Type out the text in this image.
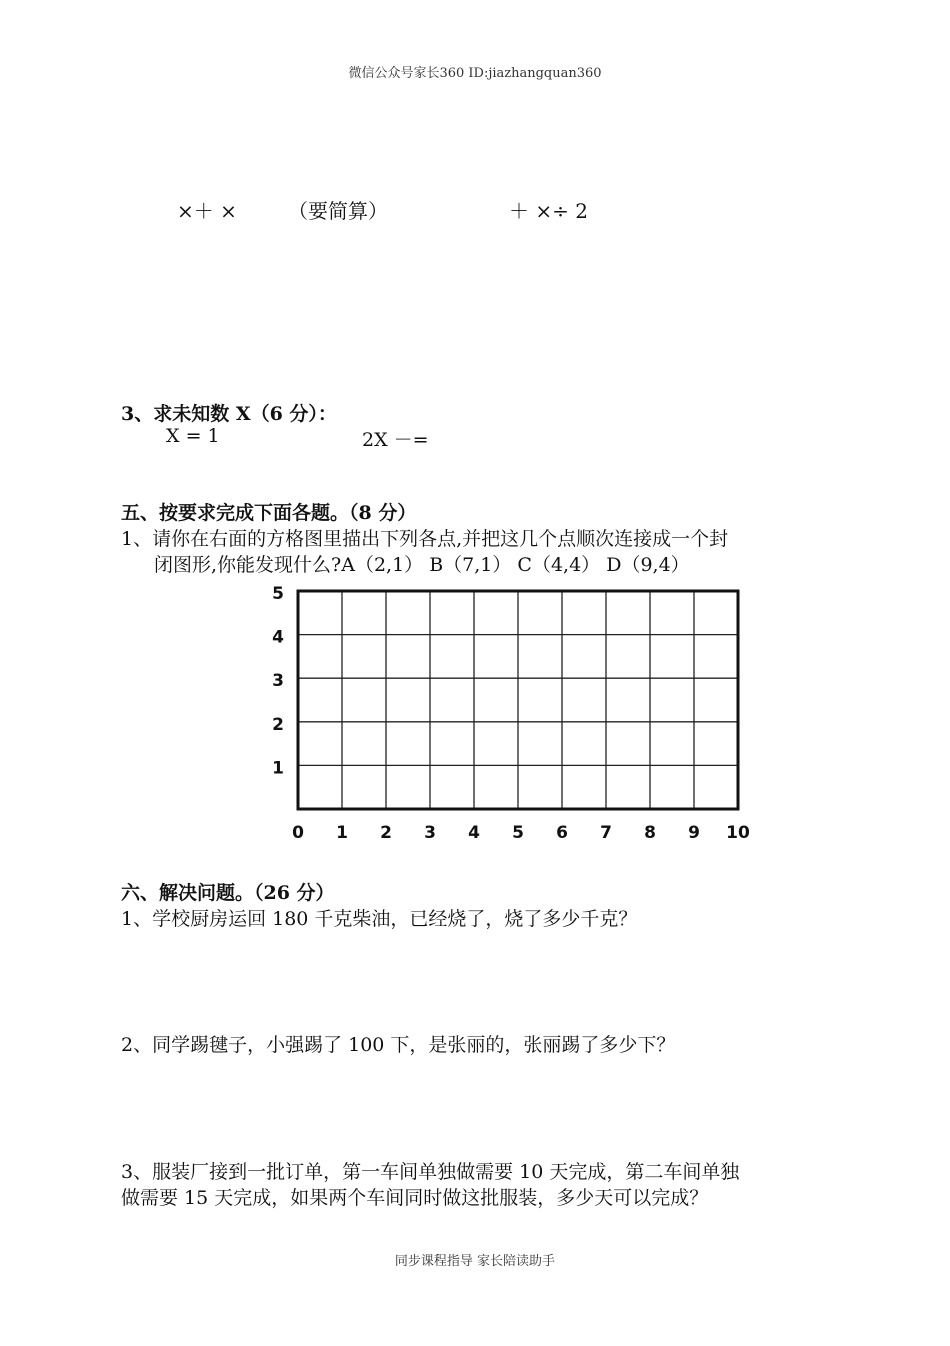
微信公众号家长360 ID:jiazhangquan360
×＋ ×	（要简算）	＋ ×÷ 2
3、求未知数 X（6 分）：
X = 1	2X －=
五、按要求完成下面各题。（8 分）
1、请你在右面的方格图里描出下列各点,并把这几个点顺次连接成一个封
闭图形,你能发现什么?A（2,1） B（7,1） C（4,4） D（9,4）
0 1 2 3 4 5 6 7 8 9 10
1
2
3
4
5
六、解决问题。（26 分）
1、学校厨房运回 180 千克柴油，已经烧了，烧了多少千克？
2、同学踢毽子，小强踢了 100 下，是张丽的，张丽踢了多少下？
3、服装厂接到一批订单，第一车间单独做需要 10 天完成，第二车间单独
做需要 15 天完成，如果两个车间同时做这批服装，多少天可以完成？
同步课程指导 家长陪读助手
